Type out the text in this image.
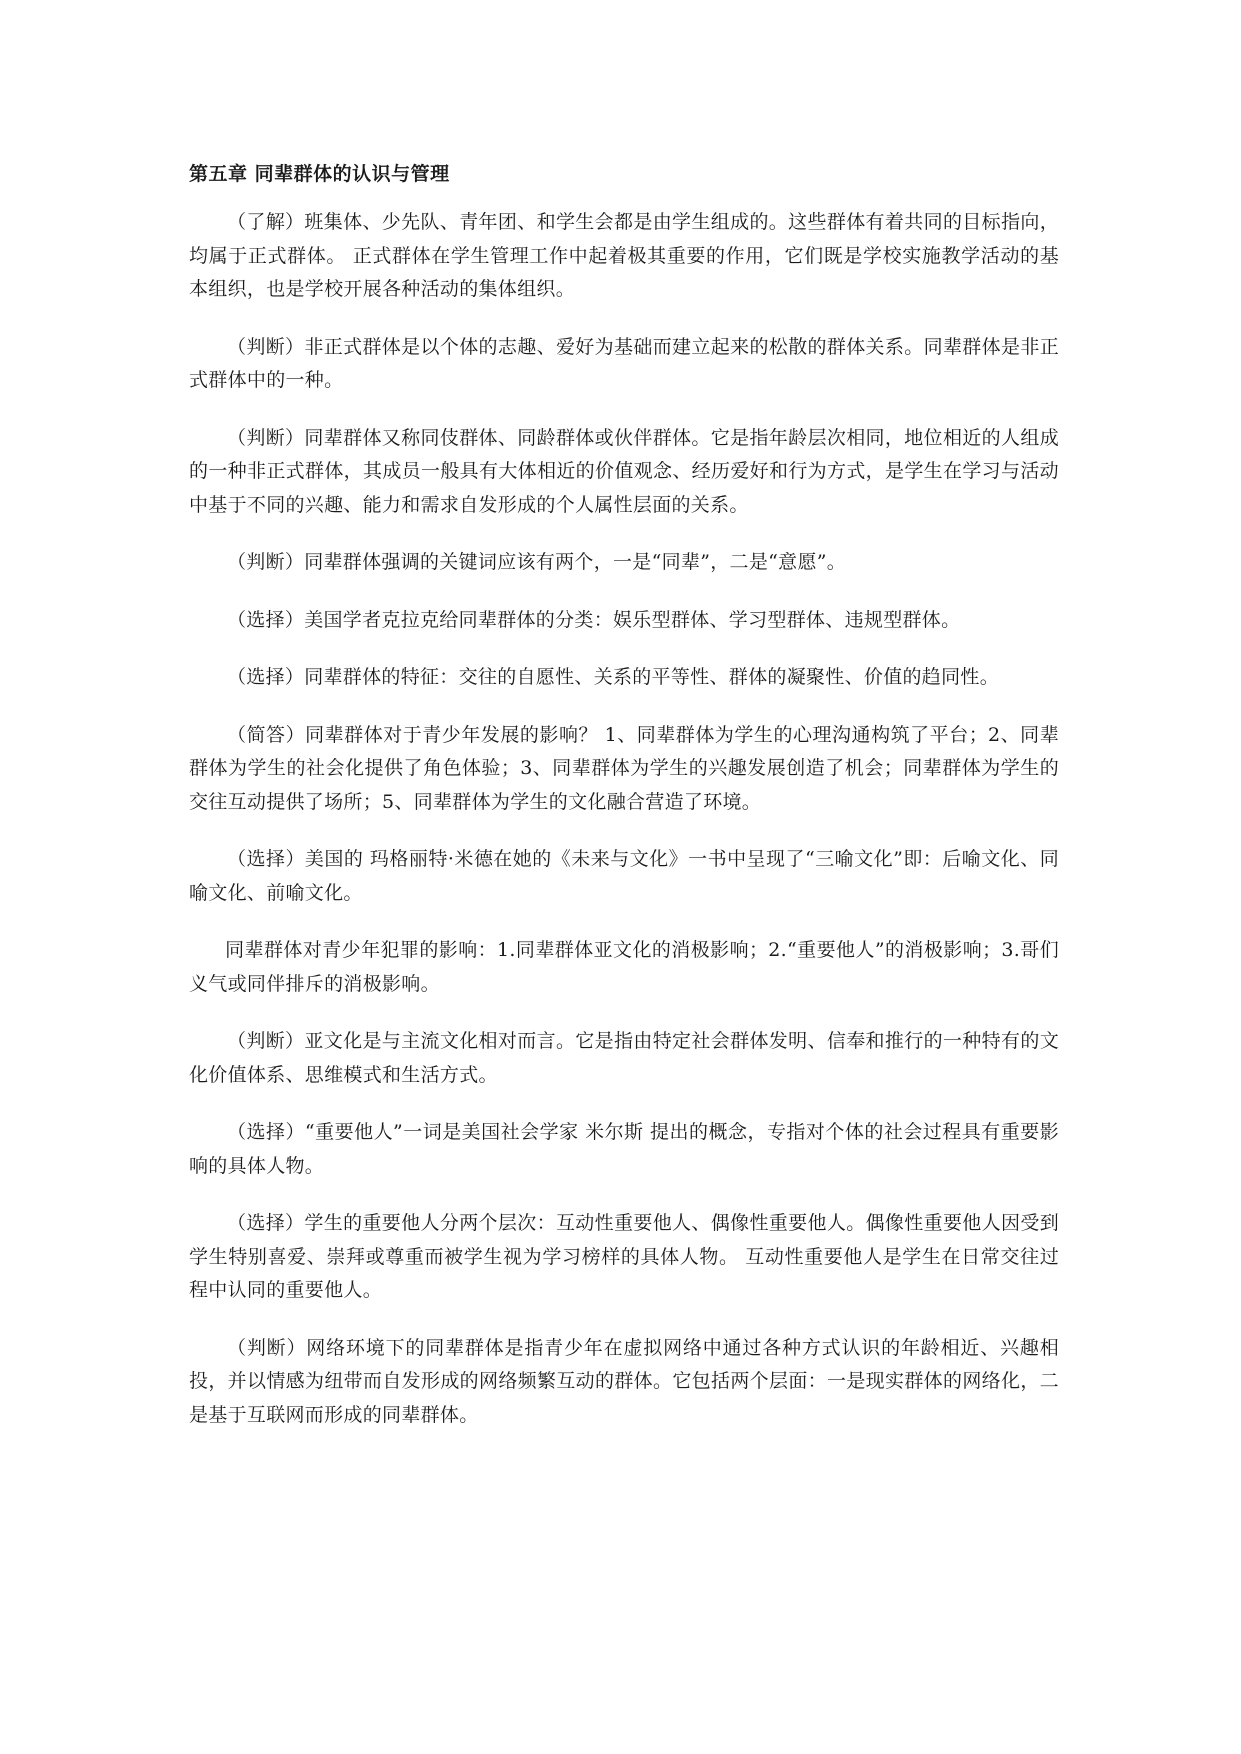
第五章 同辈群体的认识与管理

（了解）班集体、少先队、青年团、和学生会都是由学生组成的。这些群体有着共同的目标指向，均属于正式群体。 正式群体在学生管理工作中起着极其重要的作用，它们既是学校实施教学活动的基本组织，也是学校开展各种活动的集体组织。

（判断）非正式群体是以个体的志趣、爱好为基础而建立起来的松散的群体关系。同辈群体是非正式群体中的一种。

（判断）同辈群体又称同伎群体、同龄群体或伙伴群体。它是指年龄层次相同，地位相近的人组成的一种非正式群体，其成员一般具有大体相近的价值观念、经历爱好和行为方式，是学生在学习与活动中基于不同的兴趣、能力和需求自发形成的个人属性层面的关系。

（判断）同辈群体强调的关键词应该有两个，一是“同辈”，二是“意愿”。

（选择）美国学者克拉克给同辈群体的分类：娱乐型群体、学习型群体、违规型群体。

（选择）同辈群体的特征：交往的自愿性、关系的平等性、群体的凝聚性、价值的趋同性。

（简答）同辈群体对于青少年发展的影响？ 1、同辈群体为学生的心理沟通构筑了平台；2、同辈群体为学生的社会化提供了角色体验；3、同辈群体为学生的兴趣发展创造了机会；同辈群体为学生的交往互动提供了场所；5、同辈群体为学生的文化融合营造了环境。

（选择）美国的 玛格丽特·米德在她的《未来与文化》一书中呈现了“三喻文化”即：后喻文化、同喻文化、前喻文化。

同辈群体对青少年犯罪的影响：1.同辈群体亚文化的消极影响；2.“重要他人”的消极影响；3.哥们义气或同伴排斥的消极影响。

（判断）亚文化是与主流文化相对而言。它是指由特定社会群体发明、信奉和推行的一种特有的文化价值体系、思维模式和生活方式。

（选择）“重要他人”一词是美国社会学家 米尔斯 提出的概念，专指对个体的社会过程具有重要影响的具体人物。

（选择）学生的重要他人分两个层次：互动性重要他人、偶像性重要他人。偶像性重要他人因受到学生特别喜爱、崇拜或尊重而被学生视为学习榜样的具体人物。 互动性重要他人是学生在日常交往过程中认同的重要他人。

（判断）网络环境下的同辈群体是指青少年在虚拟网络中通过各种方式认识的年龄相近、兴趣相投，并以情感为纽带而自发形成的网络频繁互动的群体。它包括两个层面：一是现实群体的网络化，二是基于互联网而形成的同辈群体。
